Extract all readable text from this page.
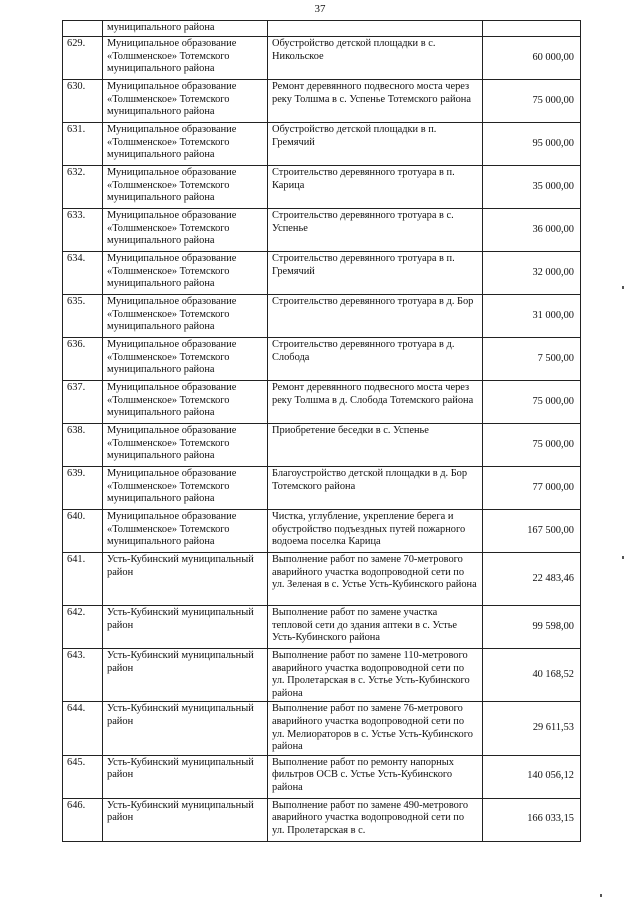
37
	муниципального района		
629.	Муниципальное образование «Толшменское» Тотемского муниципального района	Обустройство детской площадки в с. Никольское	60 000,00
630.	Муниципальное образование «Толшменское» Тотемского муниципального района	Ремонт деревянного подвесного моста через реку Толшма в с. Успенье Тотемского района	75 000,00
631.	Муниципальное образование «Толшменское» Тотемского муниципального района	Обустройство детской площадки в п. Гремячий	95 000,00
632.	Муниципальное образование «Толшменское» Тотемского муниципального района	Строительство деревянного тротуара в п. Карица	35 000,00
633.	Муниципальное образование «Толшменское» Тотемского муниципального района	Строительство деревянного тротуара в с. Успенье	36 000,00
634.	Муниципальное образование «Толшменское» Тотемского муниципального района	Строительство деревянного тротуара в п. Гремячий	32 000,00
635.	Муниципальное образование «Толшменское» Тотемского муниципального района	Строительство деревянного тротуара в д. Бор	31 000,00
636.	Муниципальное образование «Толшменское» Тотемского муниципального района	Строительство деревянного тротуара в д. Слобода	7 500,00
637.	Муниципальное образование «Толшменское» Тотемского муниципального района	Ремонт деревянного подвесного моста через реку Толшма в д. Слобода Тотемского района	75 000,00
638.	Муниципальное образование «Толшменское» Тотемского муниципального района	Приобретение беседки в с. Успенье	75 000,00
639.	Муниципальное образование «Толшменское» Тотемского муниципального района	Благоустройство детской площадки в д. Бор Тотемского района	77 000,00
640.	Муниципальное образование «Толшменское» Тотемского муниципального района	Чистка, углубление, укрепление берега и обустройство подъездных путей пожарного водоема поселка Карица	167 500,00
641.	Усть-Кубинский муниципальный район	Выполнение работ по замене 70-метрового аварийного участка водопроводной сети по ул. Зеленая в с. Устье Усть-Кубинского района	22 483,46
642.	Усть-Кубинский муниципальный район	Выполнение работ по замене участка тепловой сети до здания аптеки в с. Устье Усть-Кубинского района	99 598,00
643.	Усть-Кубинский муниципальный район	Выполнение работ по замене 110-метрового аварийного участка водопроводной сети по ул. Пролетарская в с. Устье Усть-Кубинского района	40 168,52
644.	Усть-Кубинский муниципальный район	Выполнение работ по замене 76-метрового аварийного участка водопроводной сети по ул. Мелиораторов в с. Устье Усть-Кубинского района	29 611,53
645.	Усть-Кубинский муниципальный район	Выполнение работ по ремонту напорных фильтров ОСВ с. Устье Усть-Кубинского района	140 056,12
646.	Усть-Кубинский муниципальный район	Выполнение работ по замене 490-метрового аварийного участка водопроводной сети по ул. Пролетарская в с.	166 033,15
